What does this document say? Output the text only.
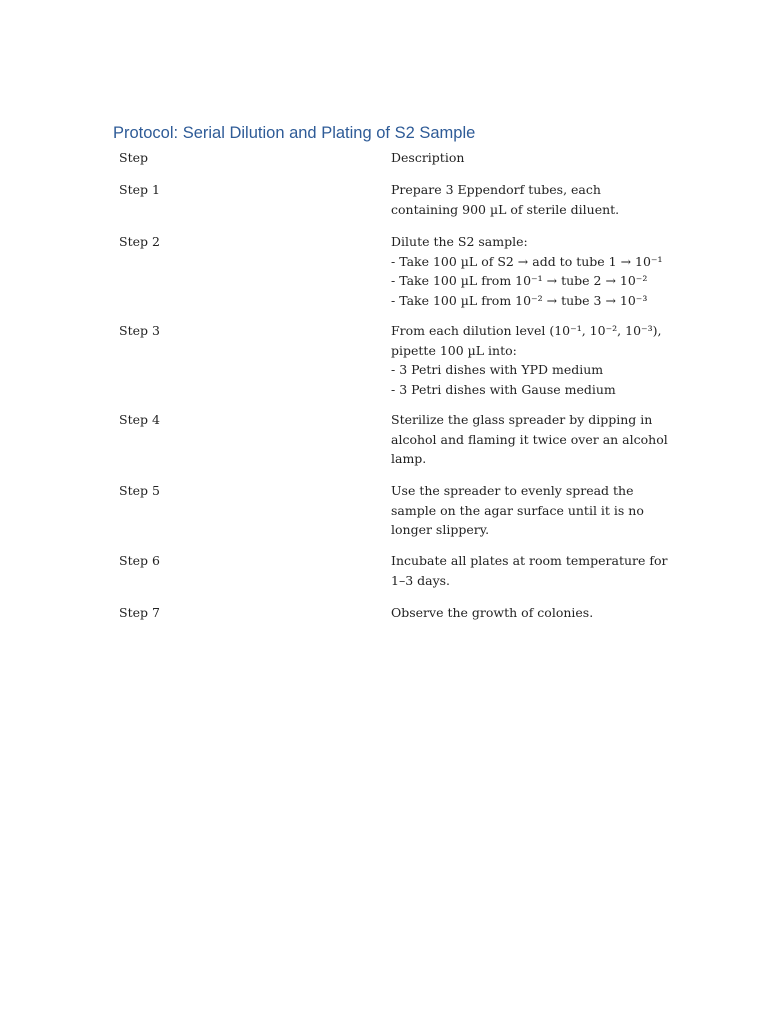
Protocol: Serial Dilution and Plating of S2 Sample
Step	Description
Step 1	Prepare 3 Eppendorf tubes, each
containing 900 µL of sterile diluent.
Step 2	Dilute the S2 sample:
- Take 100 µL of S2 → add to tube 1 → 10⁻¹
- Take 100 µL from 10⁻¹ → tube 2 → 10⁻²
- Take 100 µL from 10⁻² → tube 3 → 10⁻³
Step 3	From each dilution level (10⁻¹, 10⁻², 10⁻³),
pipette 100 µL into:
- 3 Petri dishes with YPD medium
- 3 Petri dishes with Gause medium
Step 4	Sterilize the glass spreader by dipping in
alcohol and flaming it twice over an alcohol
lamp.
Step 5	Use the spreader to evenly spread the
sample on the agar surface until it is no
longer slippery.
Step 6	Incubate all plates at room temperature for
1–3 days.
Step 7	Observe the growth of colonies.
